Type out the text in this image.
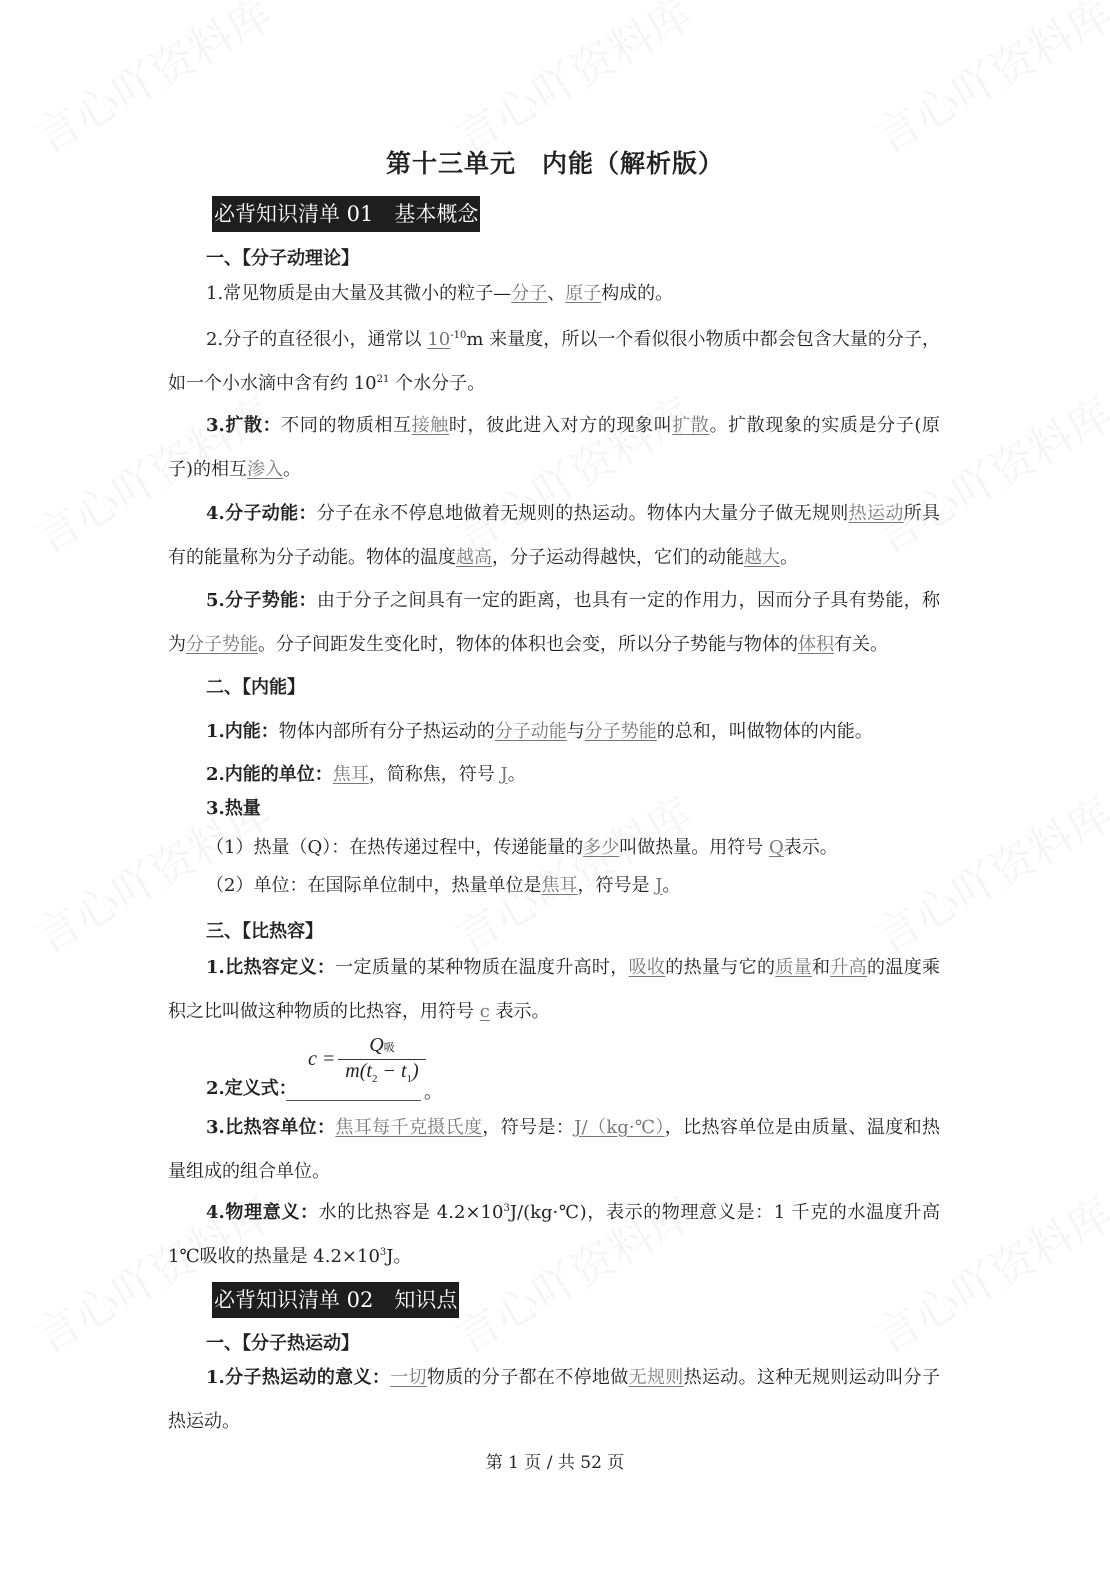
第十三单元　内能（解析版）
必背知识清单 01　基本概念
一、【分子动理论】
1.常见物质是由大量及其微小的粒子—分子、原子构成的。
2.分子的直径很小，通常以 $10^{-10}m$ 来量度，所以一个看似很小物质中都会包含大量的分子，如一个小水滴中含有约 $10^{21}$ 个水分子。
3.扩散：不同的物质相互接触时，彼此进入对方的现象叫扩散。扩散现象的实质是分子(原子)的相互渗入。
4.分子动能：分子在永不停息地做着无规则的热运动。物体内大量分子做无规则热运动所具有的能量称为分子动能。物体的温度越高，分子运动得越快，它们的动能越大。
5.分子势能：由于分子之间具有一定的距离，也具有一定的作用力，因而分子具有势能，称为分子势能。分子间距发生变化时，物体的体积也会变，所以分子势能与物体的体积有关。
二、【内能】
1.内能：物体内部所有分子热运动的分子动能与分子势能的总和，叫做物体的内能。
2.内能的单位：焦耳，简称焦，符号 J。
3.热量
（1）热量（Q）：在热传递过程中，传递能量的多少叫做热量。用符号 Q表示。
（2）单位：在国际单位制中，热量单位是焦耳，符号是 J。
三、【比热容】
1.比热容定义：一定质量的某种物质在温度升高时，吸收的热量与它的质量和升高的温度乘积之比叫做这种物质的比热容，用符号 c 表示。
3.比热容单位：焦耳每千克摄氏度，符号是：J/（kg·℃），比热容单位是由质量、温度和热量组成的组合单位。
4.物理意义：水的比热容是 $4.2\times 10^3J/(kg\cdot℃)$，表示的物理意义是：1 千克的水温度升高 1℃吸收的热量是 $4.2\times 10^3J$。
必背知识清单 02　知识点
一、【分子热运动】
1.分子热运动的意义：一切物质的分子都在不停地做无规则热运动。这种无规则运动叫分子热运动。
2.定义式：
c =
Q吸
$m(t_2 - t_1)$
。
第 1 页 / 共 52 页
